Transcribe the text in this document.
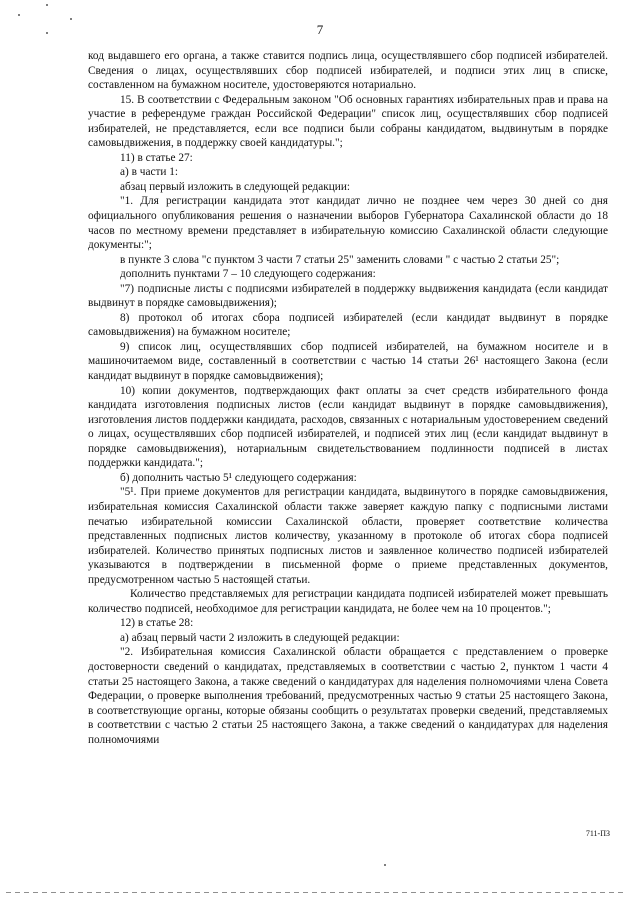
7

код выдавшего его органа, а также ставится подпись лица, осуществлявшего сбор подписей избирателей. Сведения о лицах, осуществлявших сбор подписей избирателей, и подписи этих лиц в списке, составленном на бумажном носителе, удостоверяются нотариально.

15. В соответствии с Федеральным законом "Об основных гарантиях избирательных прав и права на участие в референдуме граждан Российской Федерации" список лиц, осуществлявших сбор подписей избирателей, не представляется, если все подписи были собраны кандидатом, выдвинутым в порядке самовыдвижения, в поддержку своей кандидатуры.";

11) в статье 27:

а) в части 1:

абзац первый изложить в следующей редакции:

"1. Для регистрации кандидата этот кандидат лично не позднее чем через 30 дней со дня официального опубликования решения о назначении выборов Губернатора Сахалинской области до 18 часов по местному времени представляет в избирательную комиссию Сахалинской области следующие документы:";

в пункте 3 слова "с пунктом 3 части 7 статьи 25" заменить словами " с частью 2 статьи 25";

дополнить пунктами 7 – 10 следующего содержания:

"7) подписные листы с подписями избирателей в поддержку выдвижения кандидата (если кандидат выдвинут в порядке самовыдвижения);

8) протокол об итогах сбора подписей избирателей (если кандидат выдвинут в порядке самовыдвижения) на бумажном носителе;

9) список лиц, осуществлявших сбор подписей избирателей, на бумажном носителе и в машиночитаемом виде, составленный в соответствии с частью 14 статьи 26¹ настоящего Закона (если кандидат выдвинут в порядке самовыдвижения);

10) копии документов, подтверждающих факт оплаты за счет средств избирательного фонда кандидата изготовления подписных листов (если кандидат выдвинут в порядке самовыдвижения), изготовления листов поддержки кандидата, расходов, связанных с нотариальным удостоверением сведений о лицах, осуществлявших сбор подписей избирателей, и подписей этих лиц (если кандидат выдвинут в порядке самовыдвижения), нотариальным свидетельствованием подлинности подписей в листах поддержки кандидата.";

б) дополнить частью 5¹ следующего содержания:

"5¹. При приеме документов для регистрации кандидата, выдвинутого в порядке самовыдвижения, избирательная комиссия Сахалинской области также заверяет каждую папку с подписными листами печатью избирательной комиссии Сахалинской области, проверяет соответствие количества представленных подписных листов количеству, указанному в протоколе об итогах сбора подписей избирателей. Количество принятых подписных листов и заявленное количество подписей избирателей указываются в подтверждении в письменной форме о приеме представленных документов, предусмотренном частью 5 настоящей статьи.

Количество представляемых для регистрации кандидата подписей избирателей может превышать количество подписей, необходимое для регистрации кандидата, не более чем на 10 процентов.";

12) в статье 28:

а) абзац первый части 2 изложить в следующей редакции:

"2. Избирательная комиссия Сахалинской области обращается с представлением о проверке достоверности сведений о кандидатах, представляемых в соответствии с частью 2, пунктом 1 части 4 статьи 25 настоящего Закона, а также сведений о кандидатурах для наделения полномочиями члена Совета Федерации, о проверке выполнения требований, предусмотренных частью 9 статьи 25 настоящего Закона, в соответствующие органы, которые обязаны сообщить о результатах проверки сведений, представляемых в соответствии с частью 2 статьи 25 настоящего Закона, а также сведений о кандидатурах для наделения полномочиями

711-ПЗ
